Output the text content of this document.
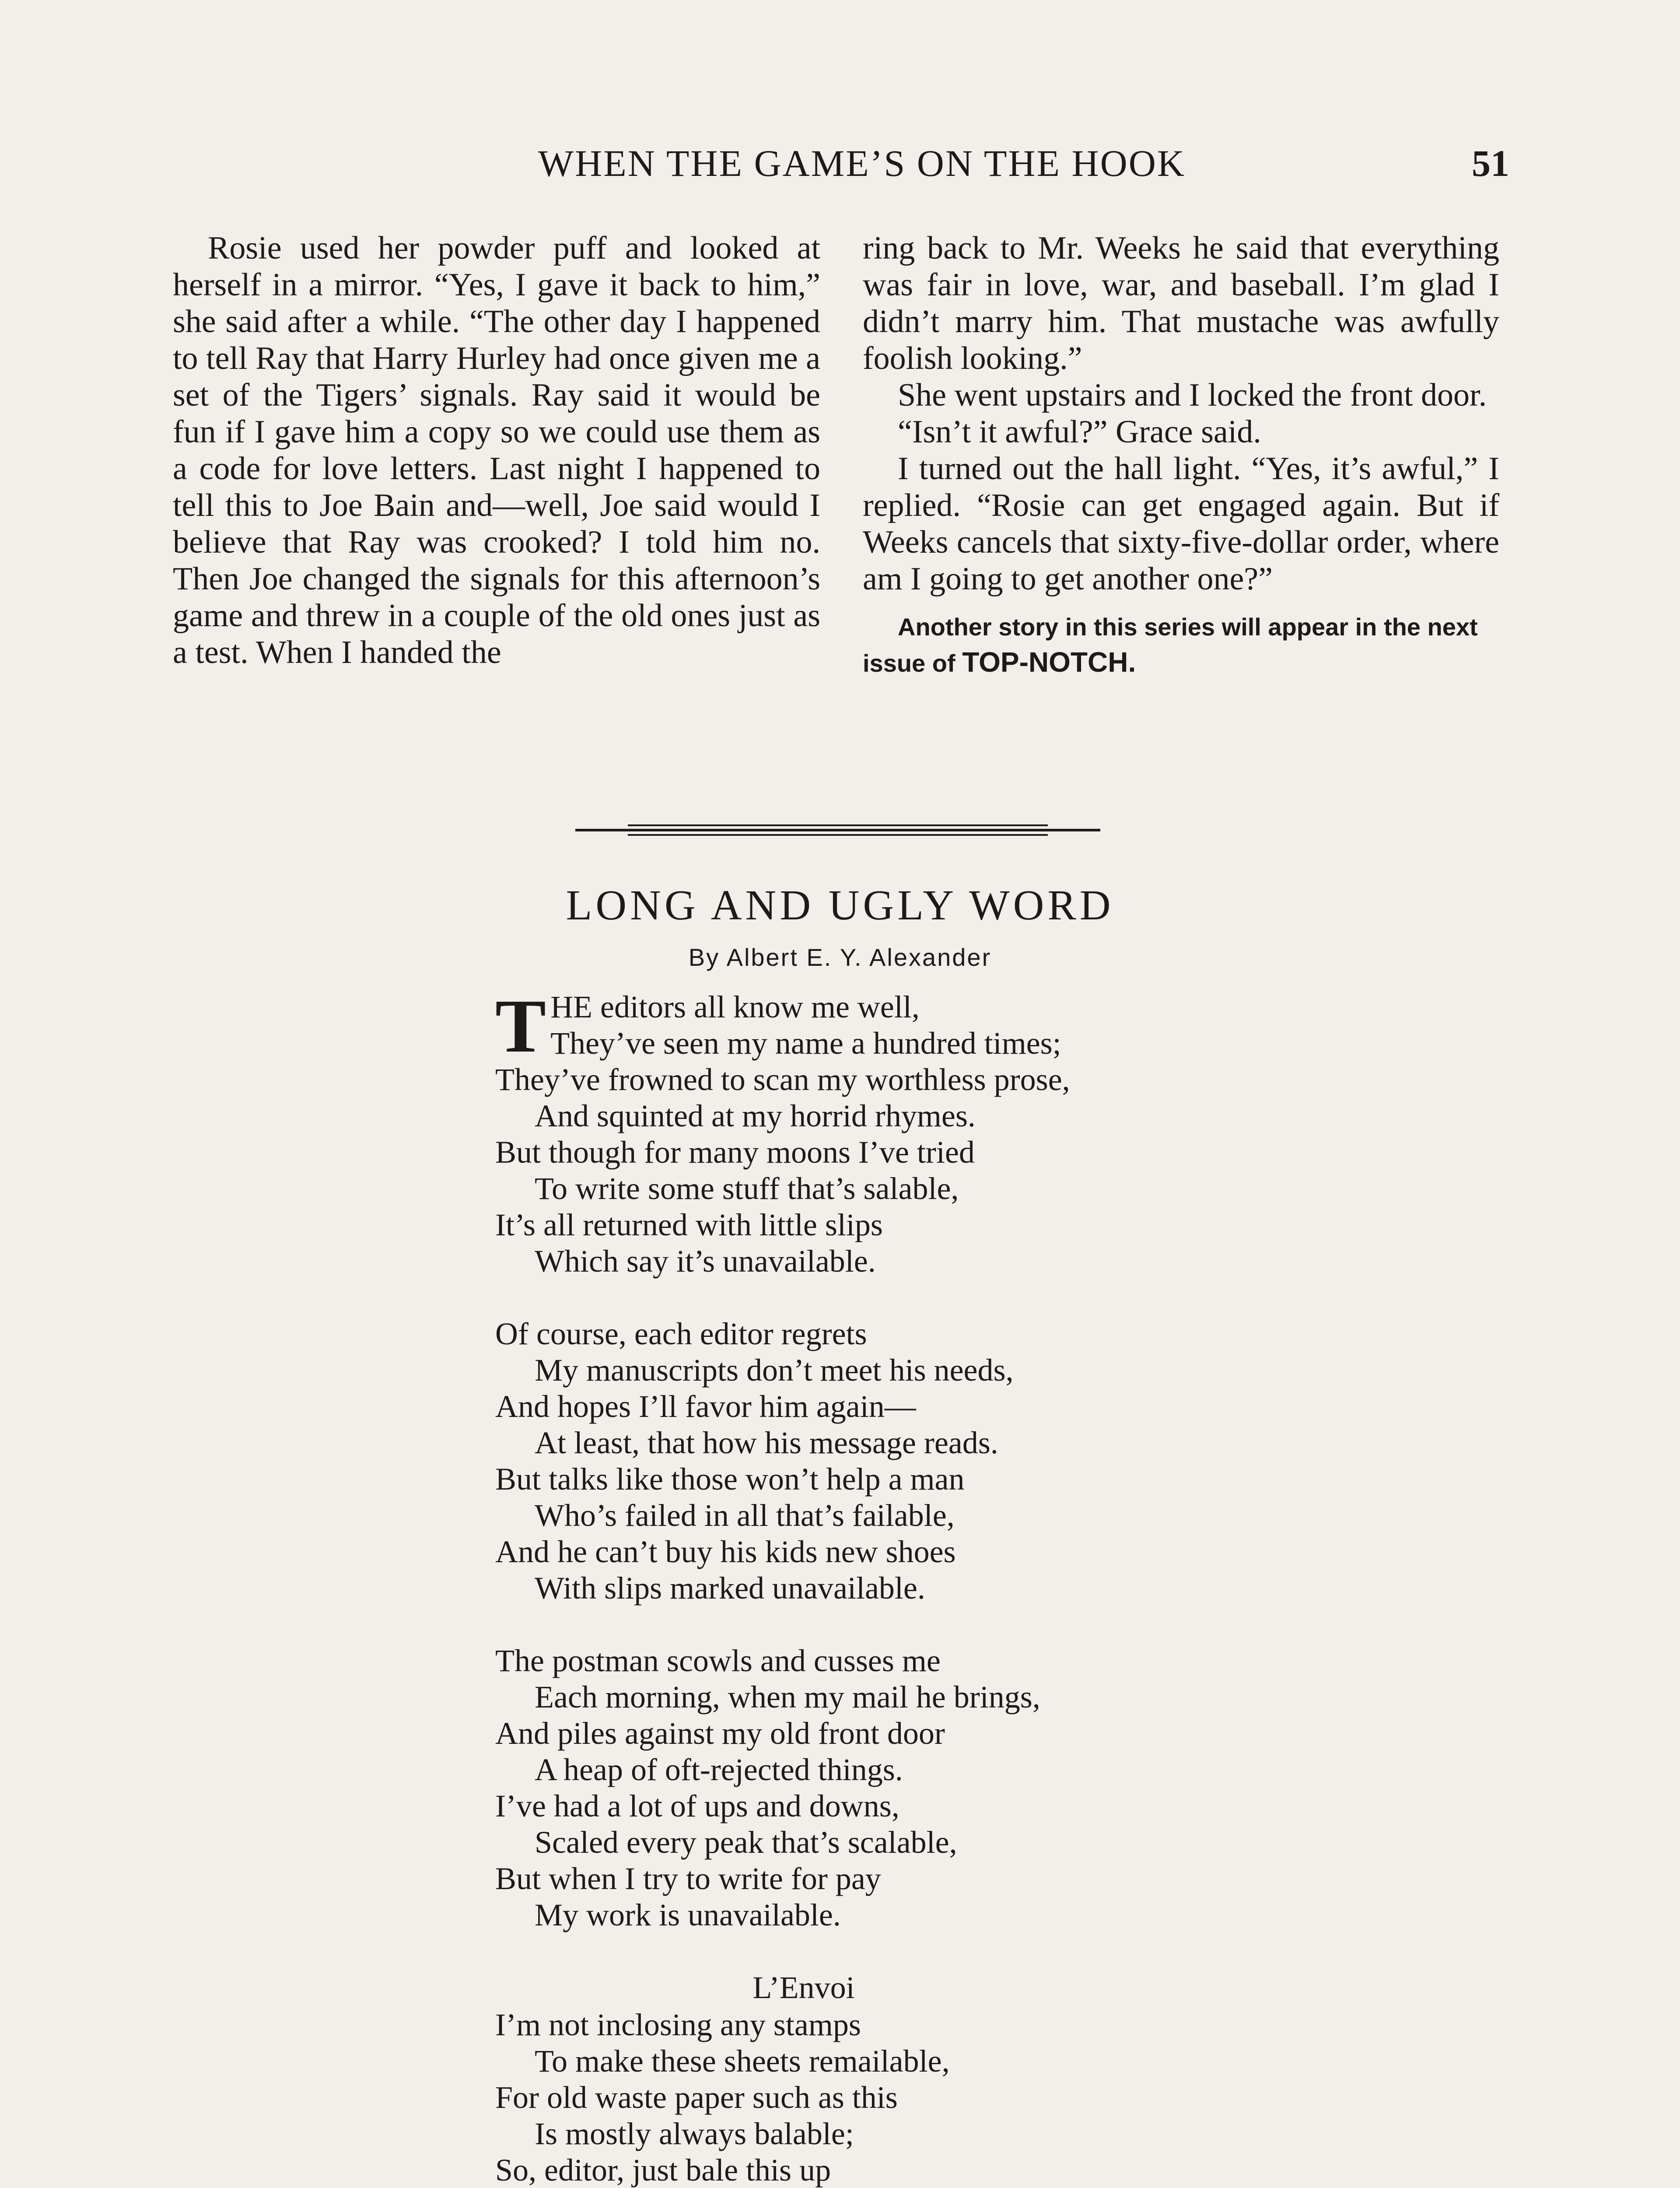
WHEN THE GAME’S ON THE HOOK	51

Rosie used her powder puff and looked at herself in a mirror. “Yes, I gave it back to him,” she said after a while. “The other day I happened to tell Ray that Harry Hurley had once given me a set of the Tigers’ signals. Ray said it would be fun if I gave him a copy so we could use them as a code for love letters. Last night I happened to tell this to Joe Bain and—well, Joe said would I believe that Ray was crooked? I told him no. Then Joe changed the signals for this afternoon’s game and threw in a couple of the old ones just as a test. When I handed the

ring back to Mr. Weeks he said that everything was fair in love, war, and baseball. I’m glad I didn’t marry him. That mustache was awfully foolish looking.”

She went upstairs and I locked the front door.

“Isn’t it awful?” Grace said.

I turned out the hall light. “Yes, it’s awful,” I replied. “Rosie can get engaged again. But if Weeks cancels that sixty-five-dollar order, where am I going to get another one?”

Another story in this series will appear in the next issue of TOP-NOTCH.

LONG AND UGLY WORD
By Albert E. Y. Alexander
T HE editors all know me well,
They’ve seen my name a hundred times;
They’ve frowned to scan my worthless prose,
And squinted at my horrid rhymes.
But though for many moons I’ve tried
To write some stuff that’s salable,
It’s all returned with little slips
Which say it’s unavailable.
Of course, each editor regrets
My manuscripts don’t meet his needs,
And hopes I’ll favor him again—
At least, that how his message reads.
But talks like those won’t help a man
Who’s failed in all that’s failable,
And he can’t buy his kids new shoes
With slips marked unavailable.
The postman scowls and cusses me
Each morning, when my mail he brings,
And piles against my old front door
A heap of oft-rejected things.
I’ve had a lot of ups and downs,
Scaled every peak that’s scalable,
But when I try to write for pay
My work is unavailable.
L’Envoi
I’m not inclosing any stamps
To make these sheets remailable,
For old waste paper such as this
Is mostly always balable;
So, editor, just bale this up
